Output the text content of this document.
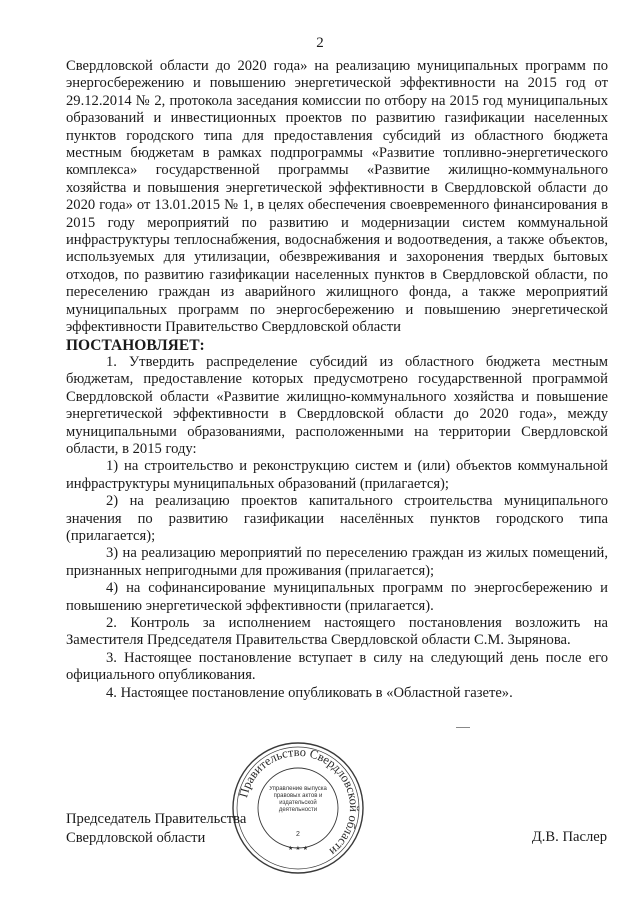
2

Свердловской области до 2020 года» на реализацию муниципальных программ по энергосбережению и повышению энергетической эффективности на 2015 год от 29.12.2014 № 2, протокола заседания комиссии по отбору на 2015 год муниципальных образований и инвестиционных проектов по развитию газификации населенных пунктов городского типа для предоставления субсидий из областного бюджета местным бюджетам в рамках подпрограммы «Развитие топливно-энергетического комплекса» государственной программы «Развитие жилищно-коммунального хозяйства и повышения энергетической эффективности в Свердловской области до 2020 года» от 13.01.2015 № 1, в целях обеспечения своевременного финансирования в 2015 году мероприятий по развитию и модернизации систем коммунальной инфраструктуры теплоснабжения, водоснабжения и водоотведения, а также объектов, используемых для утилизации, обезвреживания и захоронения твердых бытовых отходов, по развитию газификации населенных пунктов в Свердловской области, по переселению граждан из аварийного жилищного фонда, а также мероприятий муниципальных программ по энергосбережению и повышению энергетической эффективности Правительство Свердловской области

ПОСТАНОВЛЯЕТ:

1. Утвердить распределение субсидий из областного бюджета местным бюджетам, предоставление которых предусмотрено государственной программой Свердловской области «Развитие жилищно-коммунального хозяйства и повышение энергетической эффективности в Свердловской области до 2020 года», между муниципальными образованиями, расположенными на территории Свердловской области, в 2015 году:

1) на строительство и реконструкцию систем и (или) объектов коммунальной инфраструктуры муниципальных образований (прилагается);

2) на реализацию проектов капитального строительства муниципального значения по развитию газификации населённых пунктов городского типа (прилагается);

3) на реализацию мероприятий по переселению граждан из жилых помещений, признанных непригодными для проживания (прилагается);

4) на софинансирование муниципальных программ по энергосбережению и повышению энергетической эффективности (прилагается).

2. Контроль за исполнением настоящего постановления возложить на Заместителя Председателя Правительства Свердловской области С.М. Зырянова.

3. Настоящее постановление вступает в силу на следующий день после его официального опубликования.

4. Настоящее постановление опубликовать в «Областной газете».

Правительство Свердловской области
Управление выпуска правовых актов и издательской деятельности
2
★ ★ ★
Председатель Правительства
Свердловской области	Д.В. Паслер
